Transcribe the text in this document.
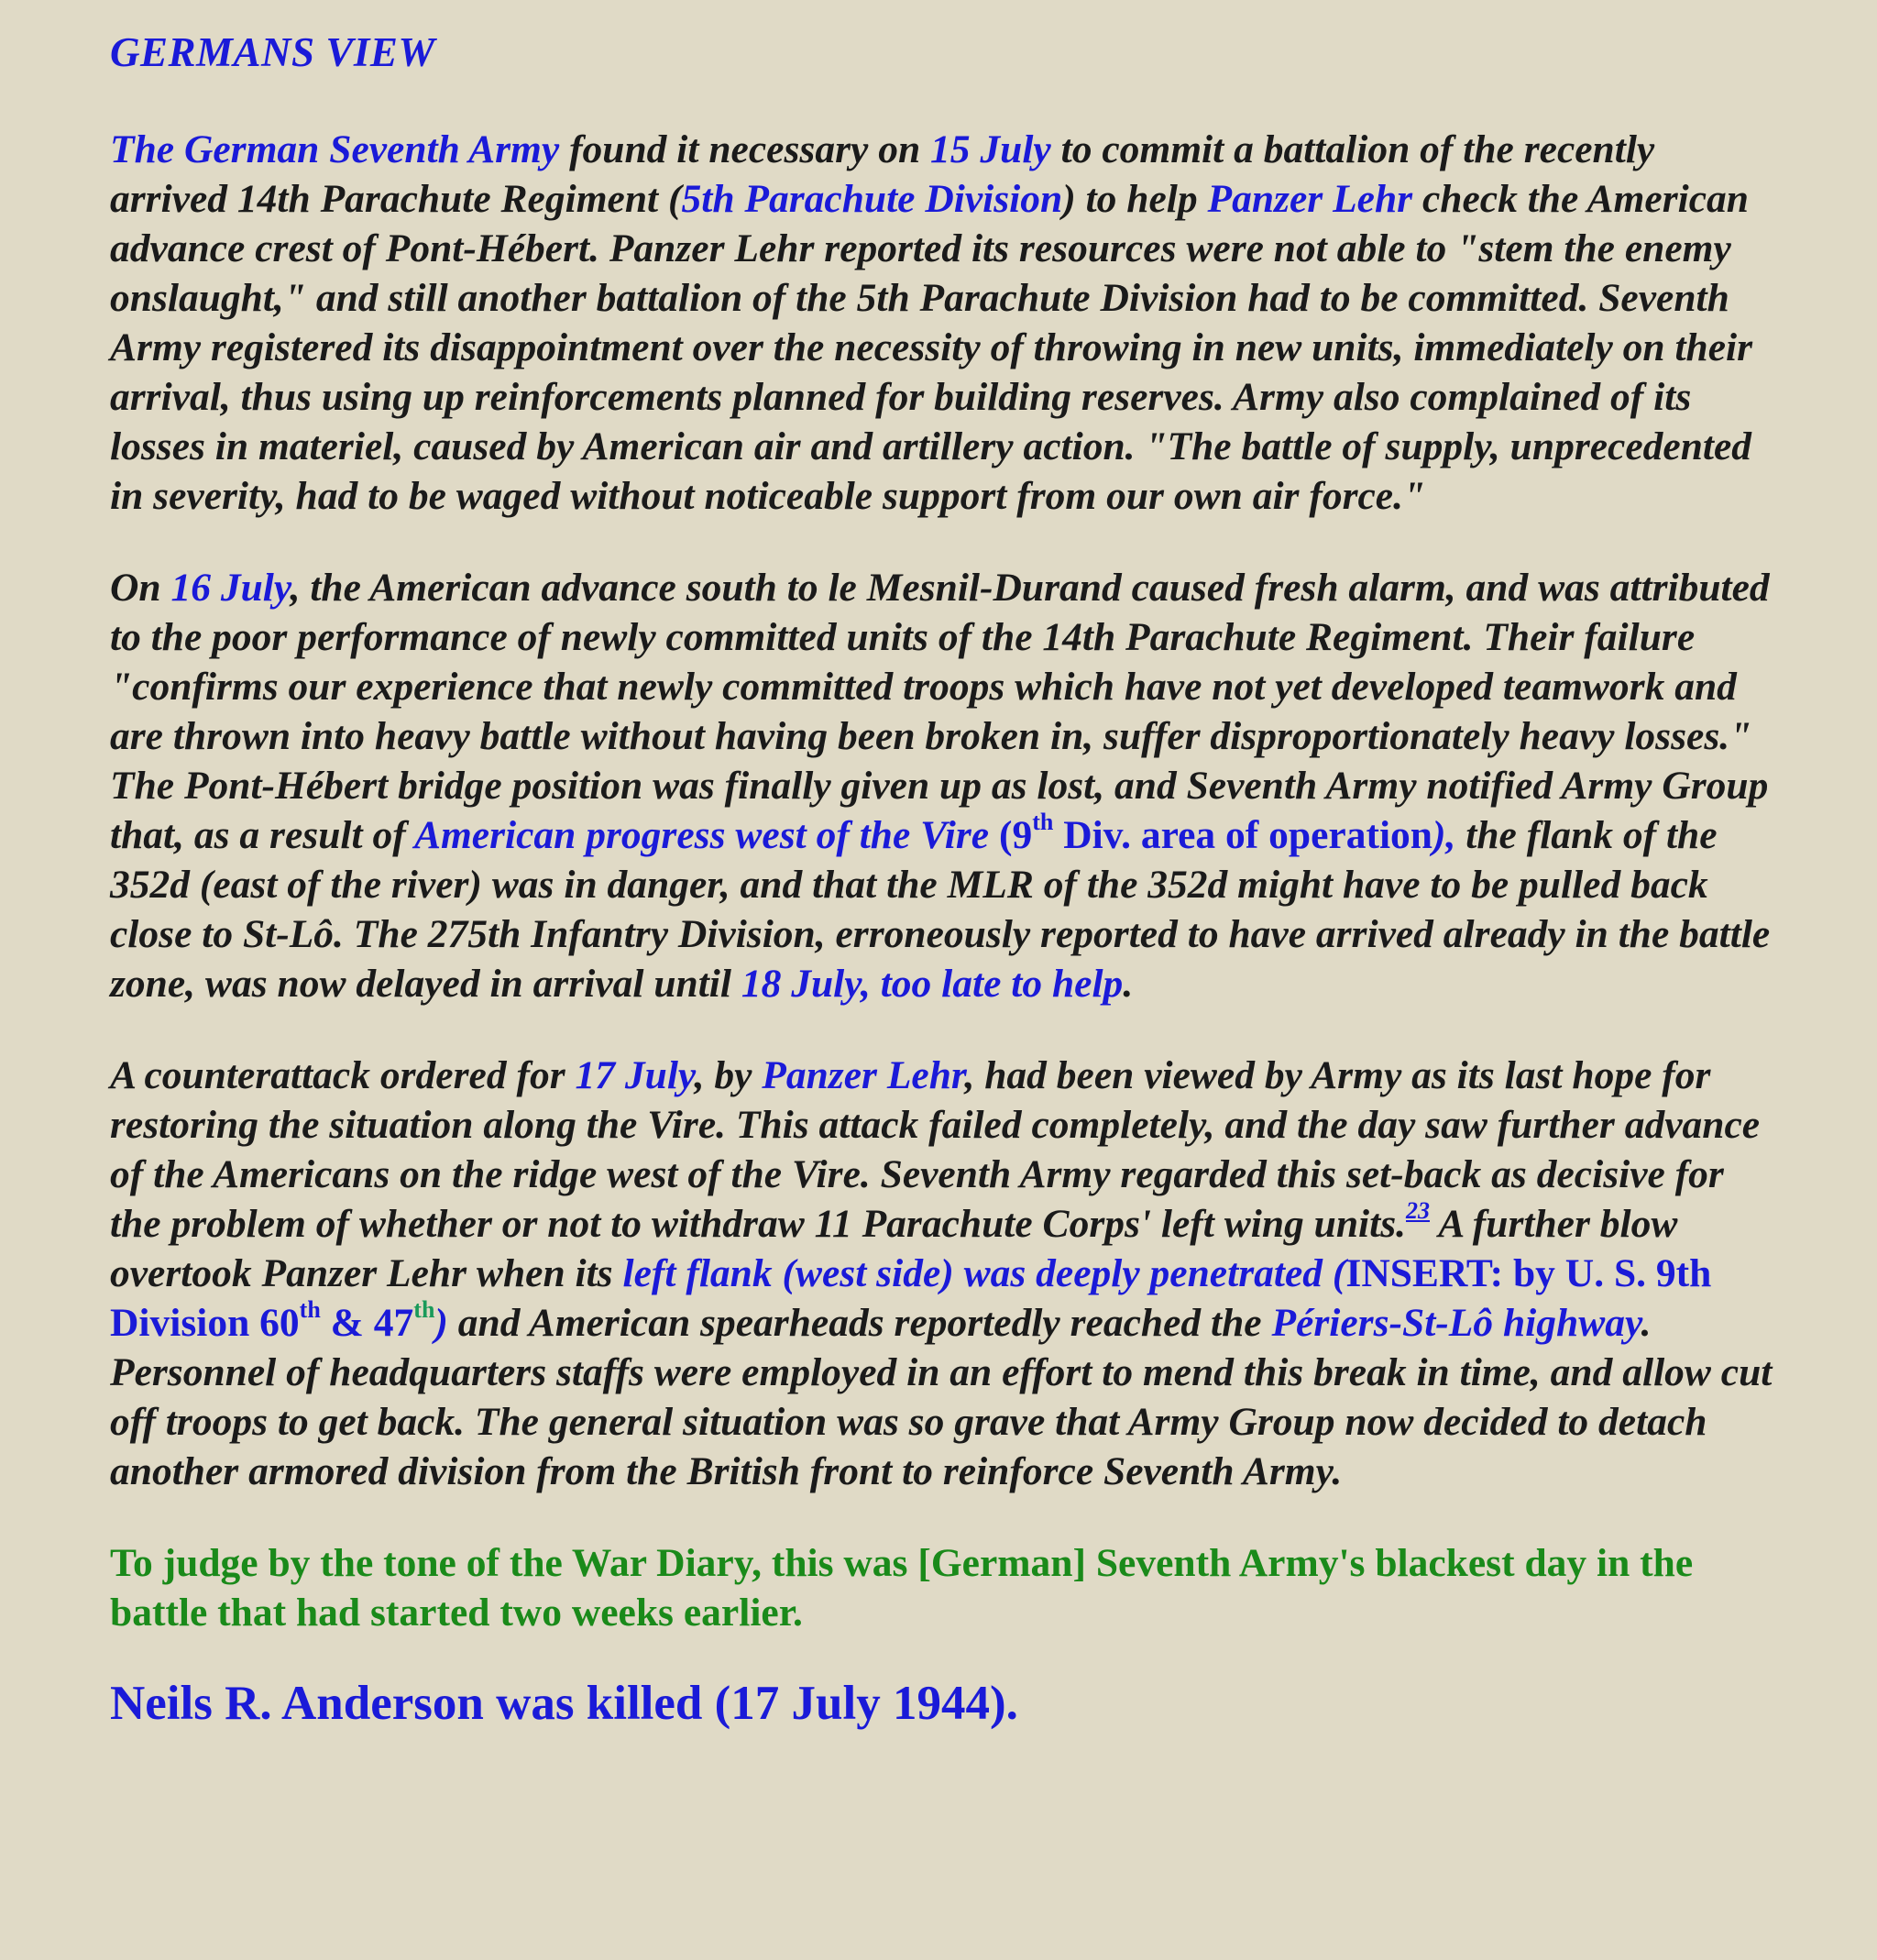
GERMANS VIEW

The German Seventh Army found it necessary on 15 July to commit a battalion of the recently arrived 14th Parachute Regiment (5th Parachute Division) to help Panzer Lehr check the American advance crest of Pont-Hébert. Panzer Lehr reported its resources were not able to "stem the enemy onslaught," and still another battalion of the 5th Parachute Division had to be committed. Seventh Army registered its disappointment over the necessity of throwing in new units, immediately on their arrival, thus using up reinforcements planned for building reserves. Army also complained of its losses in materiel, caused by American air and artillery action. "The battle of supply, unprecedented in severity, had to be waged without noticeable support from our own air force."

On 16 July, the American advance south to le Mesnil-Durand caused fresh alarm, and was attributed to the poor performance of newly committed units of the 14th Parachute Regiment. Their failure "confirms our experience that newly committed troops which have not yet developed teamwork and are thrown into heavy battle without having been broken in, suffer disproportionately heavy losses." The Pont-Hébert bridge position was finally given up as lost, and Seventh Army notified Army Group that, as a result of American progress west of the Vire (9th Div. area of operation), the flank of the 352d (east of the river) was in danger, and that the MLR of the 352d might have to be pulled back close to St-Lô. The 275th Infantry Division, erroneously reported to have arrived already in the battle zone, was now delayed in arrival until 18 July, too late to help.

A counterattack ordered for 17 July, by Panzer Lehr, had been viewed by Army as its last hope for restoring the situation along the Vire. This attack failed completely, and the day saw further advance of the Americans on the ridge west of the Vire. Seventh Army regarded this set-back as decisive for the problem of whether or not to withdraw 11 Parachute Corps' left wing units.$^{23}$ A further blow overtook Panzer Lehr when its left flank (west side) was deeply penetrated (INSERT: by U. S. 9th Division 60th & 47th) and American spearheads reportedly reached the Périers-St-Lô highway. Personnel of headquarters staffs were employed in an effort to mend this break in time, and allow cut off troops to get back. The general situation was so grave that Army Group now decided to detach another armored division from the British front to reinforce Seventh Army.

To judge by the tone of the War Diary, this was [German] Seventh Army's blackest day in the battle that had started two weeks earlier.

Neils R. Anderson was killed (17 July 1944).
